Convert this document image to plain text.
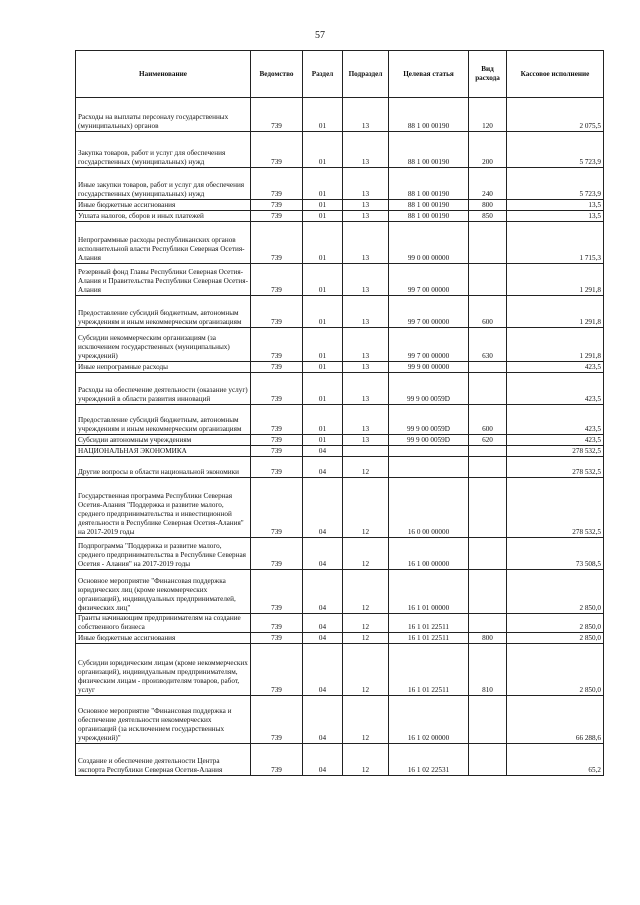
57
Наименование	Ведомство	Раздел	Подраздел	Целевая статья	Вид расхода	Кассовое исполнение
Расходы на выплаты персоналу государственных (муниципальных) органов	739	01	13	88 1 00 00190	120	2 075,5
Закупка товаров, работ и услуг для обеспечения государственных (муниципальных) нужд	739	01	13	88 1 00 00190	200	5 723,9
Иные закупки товаров, работ и услуг для обеспечения государственных (муниципальных) нужд	739	01	13	88 1 00 00190	240	5 723,9
Иные бюджетные ассигнования	739	01	13	88 1 00 00190	800	13,5
Уплата налогов, сборов и иных платежей	739	01	13	88 1 00 00190	850	13,5
Непрограммные расходы республиканских органов исполнительной власти Республики Северная Осетия-Алания	739	01	13	99 0 00 00000		1 715,3
Резервный фонд Главы Республики Северная Осетия-Алания и Правительства Республики Северная Осетия-Алания	739	01	13	99 7 00 00000		1 291,8
Предоставление субсидий бюджетным, автономным учреждениям и иным некоммерческим организациям	739	01	13	99 7 00 00000	600	1 291,8
Субсидии некоммерческим организациям (за исключением государственных (муниципальных) учреждений)	739	01	13	99 7 00 00000	630	1 291,8
Иные непрограмные расходы	739	01	13	99 9 00 00000		423,5
Расходы на обеспечение деятельности (оказание услуг) учреждений в области развития инноваций	739	01	13	99 9 00 0059D		423,5
Предоставление субсидий бюджетным, автономным учреждениям и иным некоммерческим организациям	739	01	13	99 9 00 0059D	600	423,5
Субсидии автономным учреждениям	739	01	13	99 9 00 0059D	620	423,5
НАЦИОНАЛЬНАЯ ЭКОНОМИКА	739	04				278 532,5
Другие вопросы в области национальной экономики	739	04	12			278 532,5
Государственная программа Республики Северная Осетия-Алания "Поддержка и развитие малого, среднего предпринимательства и инвестиционной деятельности в Республике Северная Осетия-Алания" на 2017-2019 годы	739	04	12	16 0 00 00000		278 532,5
Подпрограмма "Поддержка и развитие малого, среднего предпринимательства в Республике Северная Осетия - Алания" на 2017-2019 годы	739	04	12	16 1 00 00000		73 508,5
Основное мероприятие "Финансовая поддержка юридических лиц (кроме некоммерческих организаций), индивидуальных предпринимателей, физических лиц"	739	04	12	16 1 01 00000		2 850,0
Гранты начинающим предпринимателям на создание собственного бизнеса	739	04	12	16 1 01 22511		2 850,0
Иные бюджетные ассигнования	739	04	12	16 1 01 22511	800	2 850,0
Субсидии юридическим лицам (кроме некоммерческих организаций), индивидуальным предпринимателям, физическим лицам - производителям товаров, работ, услуг	739	04	12	16 1 01 22511	810	2 850,0
Основное мероприятие "Финансовая поддержка и обеспечение деятельности некоммерческих организаций (за исключением государственных учреждений)"	739	04	12	16 1 02 00000		66 288,6
Создание и обеспечение деятельности Центра экспорта Республики Северная Осетия-Алания	739	04	12	16 1 02 22531		65,2
